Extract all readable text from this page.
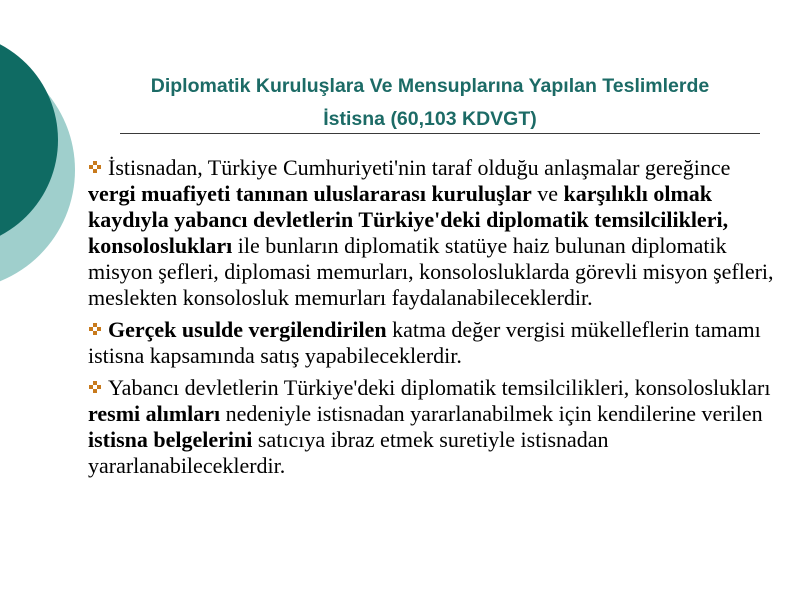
Diplomatik Kuruluşlara Ve Mensuplarına Yapılan Teslimlerde
İstisna (60,103 KDVGT)

İstisnadan, Türkiye Cumhuriyeti'nin taraf olduğu anlaşmalar gereğince vergi muafiyeti tanınan uluslararası kuruluşlar ve karşılıklı olmak kaydıyla yabancı devletlerin Türkiye'deki diplomatik temsilcilikleri, konsoloslukları ile bunların diplomatik statüye haiz bulunan diplomatik misyon şefleri, diplomasi memurları, konsolosluklarda görevli misyon şefleri, meslekten konsolosluk memurları faydalanabileceklerdir.

Gerçek usulde vergilendirilen katma değer vergisi mükelleflerin tamamı istisna kapsamında satış yapabileceklerdir.

Yabancı devletlerin Türkiye'deki diplomatik temsilcilikleri, konsoloslukları resmi alımları nedeniyle istisnadan yararlanabilmek için kendilerine verilen istisna belgelerini satıcıya ibraz etmek suretiyle istisnadan yararlanabileceklerdir.
